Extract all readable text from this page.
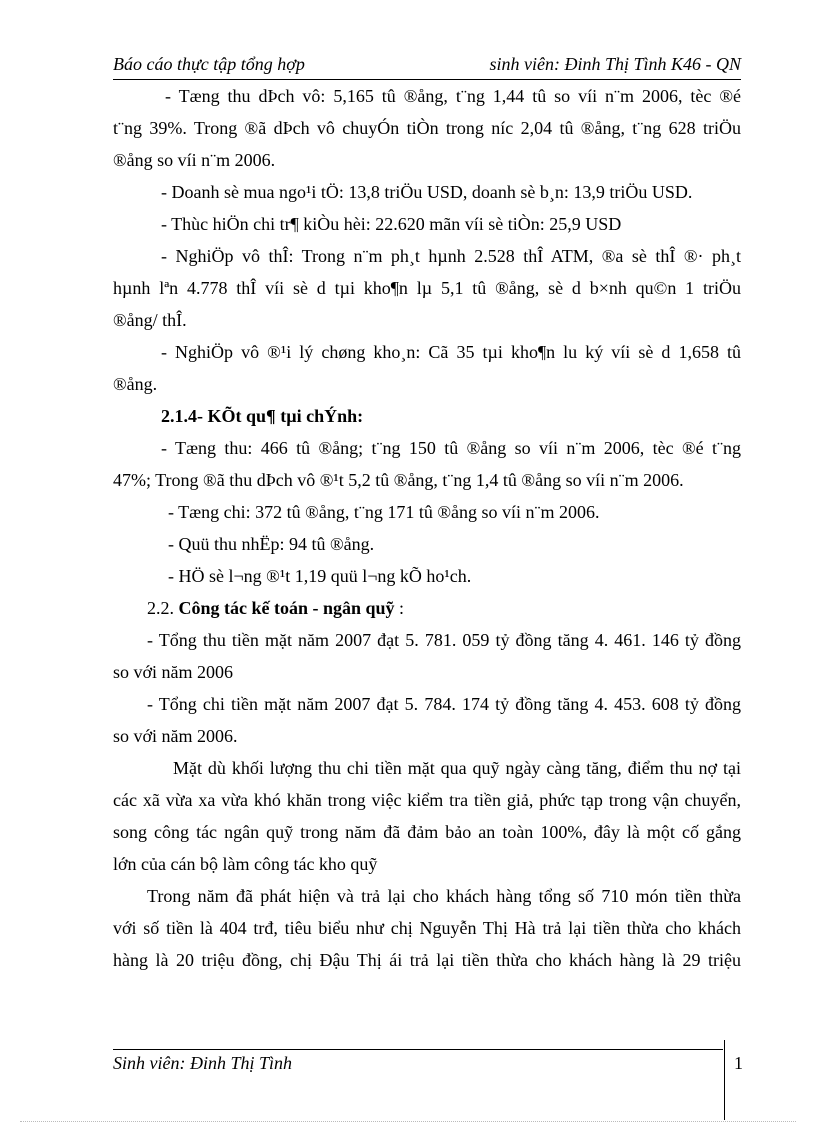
Báo cáo thực tập tổng hợp	sinh viên: Đinh Thị Tình K46 - QN

- Tæng thu dÞch vô: 5,165 tû ®ång, t¨ng 1,44 tû so víi n¨m 2006, tèc ®é

t¨ng 39%. Trong ®ã dÞch vô chuyÓn tiÒn trong níc 2,04 tû ®ång, t¨ng 628 triÖu

®ång so víi n¨m 2006.

- Doanh sè mua ngo¹i tÖ: 13,8 triÖu USD, doanh sè b¸n: 13,9 triÖu USD.

- Thùc hiÖn chi tr¶ kiÒu hèi: 22.620 mãn víi sè tiÒn: 25,9 USD

- NghiÖp vô thÎ: Trong n¨m ph¸t hµnh 2.528 thÎ ATM, ®a sè thÎ ®· ph¸t

hµnh lªn 4.778 thÎ víi sè d tµi kho¶n lµ 5,1 tû ®ång, sè d b×nh qu©n 1 triÖu

®ång/ thÎ.

- NghiÖp vô ®¹i lý chøng kho¸n: Cã 35 tµi kho¶n lu ký víi sè d 1,658 tû

®ång.

2.1.4- KÕt qu¶ tµi chÝnh:

- Tæng thu: 466 tû ®ång; t¨ng 150 tû ®ång so víi n¨m 2006, tèc ®é t¨ng

47%; Trong ®ã thu dÞch vô ®¹t 5,2 tû ®ång, t¨ng 1,4 tû ®ång so víi n¨m 2006.

- Tæng chi: 372 tû ®ång, t¨ng 171 tû ®ång so víi n¨m 2006.

- Quü thu nhËp: 94 tû ®ång.

- HÖ sè l¬ng ®¹t 1,19 quü l¬ng kÕ ho¹ch.

2.2. Công tác kế toán - ngân quỹ :

- Tổng thu tiền mặt năm 2007 đạt 5. 781. 059 tỷ đồng tăng 4. 461. 146 tỷ đồng

so với năm 2006

- Tổng chi tiền mặt năm 2007 đạt 5. 784. 174 tỷ đồng tăng 4. 453. 608 tỷ đồng

so với năm 2006.

Mặt dù khối lượng thu chi tiền mặt qua quỹ ngày càng tăng, điểm thu nợ tại

các xã vừa xa vừa khó khăn trong việc kiểm tra tiền giả, phức tạp trong vận chuyển,

song công tác ngân quỹ trong năm đã đảm bảo an toàn 100%, đây là một cố gắng

lớn của cán bộ làm công tác kho quỹ

Trong năm đã phát hiện và trả lại cho khách hàng tổng số 710 món tiền thừa

với số tiền là 404 trđ, tiêu biểu như chị Nguyễn Thị Hà trả lại tiền thừa cho khách

hàng là 20 triệu đồng, chị Đậu Thị ái trả lại tiền thừa cho khách hàng là 29 triệu

Sinh viên: Đinh Thị Tình	1
